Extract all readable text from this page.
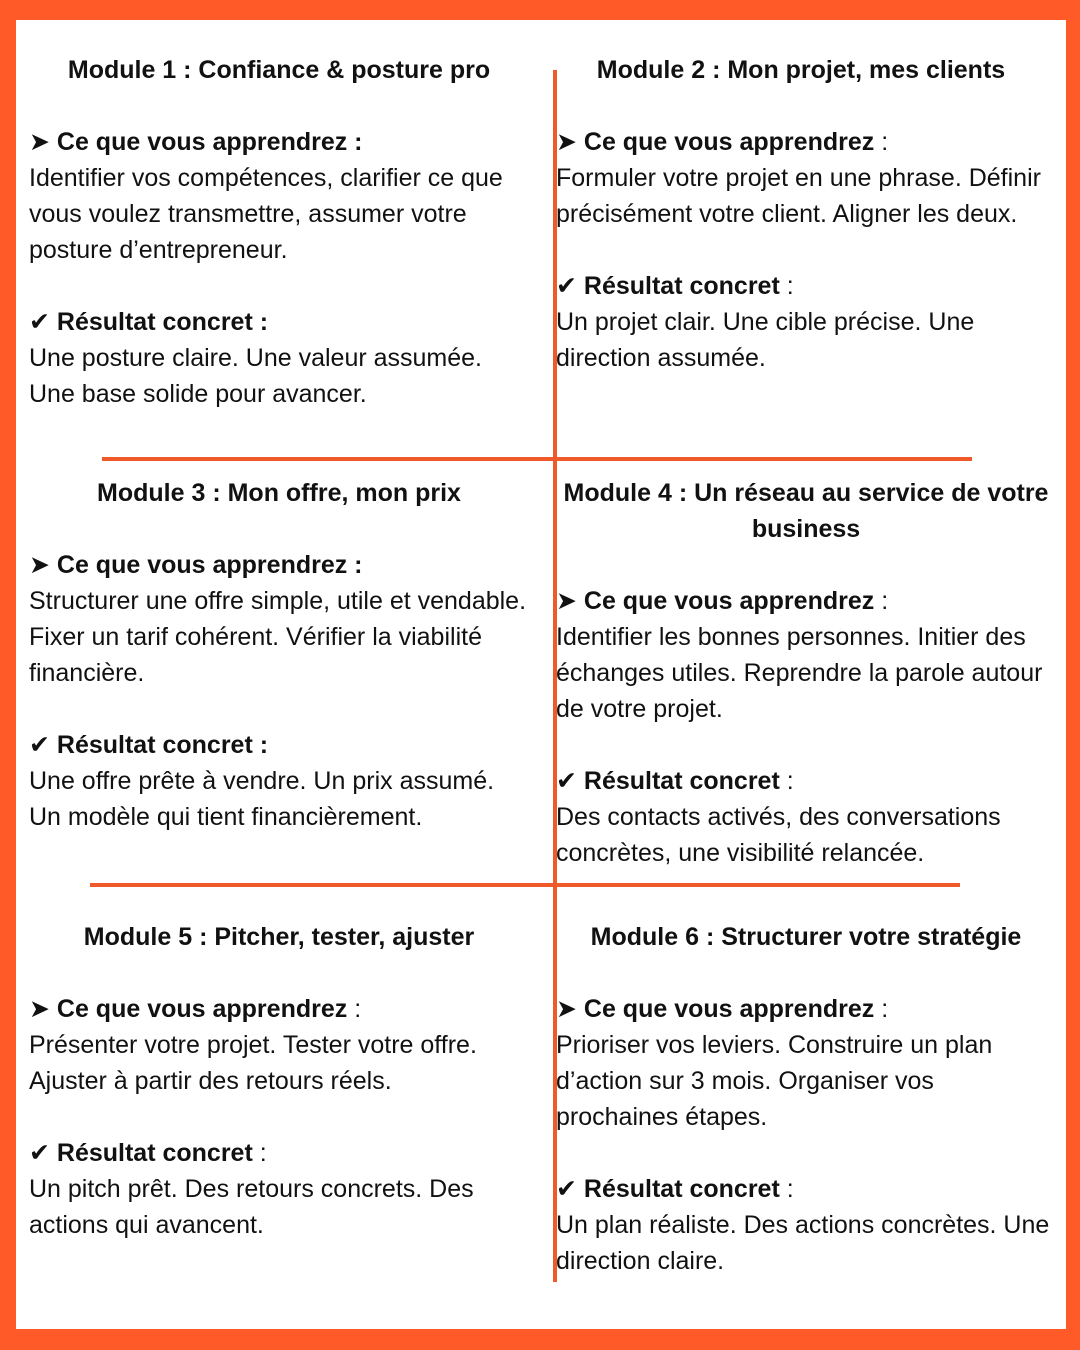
Module 1 : Confiance & posture pro
➤ Ce que vous apprendrez :
Identifier vos compétences, clarifier ce que vous voulez transmettre, assumer votre posture d’entrepreneur.
✔ Résultat concret :
Une posture claire. Une valeur assumée. Une base solide pour avancer.
Module 2 : Mon projet, mes clients
➤ Ce que vous apprendrez :
Formuler votre projet en une phrase. Définir précisément votre client. Aligner les deux.
✔ Résultat concret :
Un projet clair. Une cible précise. Une direction assumée.
Module 3 : Mon offre, mon prix
➤ Ce que vous apprendrez :
Structurer une offre simple, utile et vendable. Fixer un tarif cohérent. Vérifier la viabilité financière.
✔ Résultat concret :
Une offre prête à vendre. Un prix assumé. Un modèle qui tient financièrement.
Module 4 : Un réseau au service de votre business
➤ Ce que vous apprendrez :
Identifier les bonnes personnes. Initier des échanges utiles. Reprendre la parole autour de votre projet.
✔ Résultat concret :
Des contacts activés, des conversations concrètes, une visibilité relancée.
Module 5 : Pitcher, tester, ajuster
➤ Ce que vous apprendrez :
Présenter votre projet. Tester votre offre. Ajuster à partir des retours réels.
✔ Résultat concret :
Un pitch prêt. Des retours concrets. Des actions qui avancent.
Module 6 : Structurer votre stratégie
➤ Ce que vous apprendrez :
Prioriser vos leviers. Construire un plan d’action sur 3 mois. Organiser vos prochaines étapes.
✔ Résultat concret :
Un plan réaliste. Des actions concrètes. Une direction claire.
